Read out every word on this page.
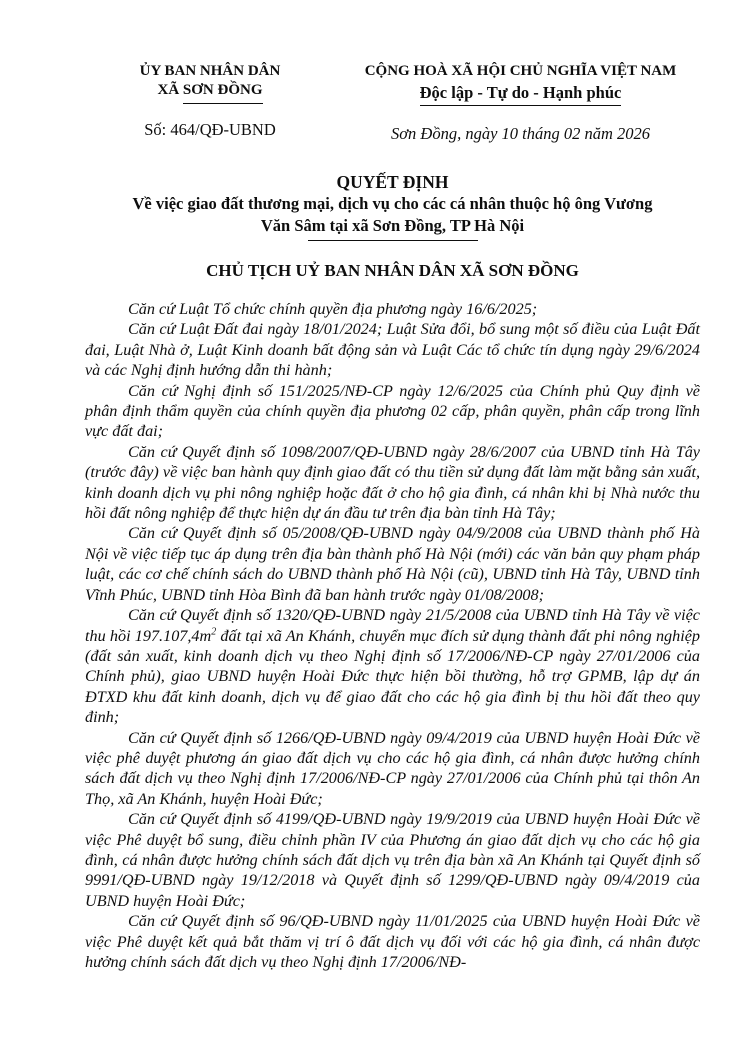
ỦY BAN NHÂN DÂN
XÃ SƠN ĐỒNG
Số: 464/QĐ-UBND
CỘNG HOÀ XÃ HỘI CHỦ NGHĨA VIỆT NAM
Độc lập - Tự do - Hạnh phúc
Sơn Đồng, ngày 10 tháng 02 năm 2026
QUYẾT ĐỊNH
Về việc giao đất thương mại, dịch vụ cho các cá nhân thuộc hộ ông Vương
Văn Sâm tại xã Sơn Đồng, TP Hà Nội
CHỦ TỊCH UỶ BAN NHÂN DÂN XÃ SƠN ĐỒNG

Căn cứ Luật Tổ chức chính quyền địa phương ngày 16/6/2025;

Căn cứ Luật Đất đai ngày 18/01/2024; Luật Sửa đổi, bổ sung một số điều của Luật Đất đai, Luật Nhà ở, Luật Kinh doanh bất động sản và Luật Các tổ chức tín dụng ngày 29/6/2024 và các Nghị định hướng dẫn thi hành;

Căn cứ Nghị định số 151/2025/NĐ-CP ngày 12/6/2025 của Chính phủ Quy định về phân định thẩm quyền của chính quyền địa phương 02 cấp, phân quyền, phân cấp trong lĩnh vực đất đai;

Căn cứ Quyết định số 1098/2007/QĐ-UBND ngày 28/6/2007 của UBND tỉnh Hà Tây (trước đây) về việc ban hành quy định giao đất có thu tiền sử dụng đất làm mặt bằng sản xuất, kinh doanh dịch vụ phi nông nghiệp hoặc đất ở cho hộ gia đình, cá nhân khi bị Nhà nước thu hồi đất nông nghiệp để thực hiện dự án đầu tư trên địa bàn tỉnh Hà Tây;

Căn cứ Quyết định số 05/2008/QĐ-UBND ngày 04/9/2008 của UBND thành phố Hà Nội về việc tiếp tục áp dụng trên địa bàn thành phố Hà Nội (mới) các văn bản quy phạm pháp luật, các cơ chế chính sách do UBND thành phố Hà Nội (cũ), UBND tỉnh Hà Tây, UBND tỉnh Vĩnh Phúc, UBND tỉnh Hòa Bình đã ban hành trước ngày 01/08/2008;

Căn cứ Quyết định số 1320/QĐ-UBND ngày 21/5/2008 của UBND tỉnh Hà Tây về việc thu hồi $197.107,4m^2$ đất tại xã An Khánh, chuyển mục đích sử dụng thành đất phi nông nghiệp (đất sản xuất, kinh doanh dịch vụ theo Nghị định số 17/2006/NĐ-CP ngày 27/01/2006 của Chính phủ), giao UBND huyện Hoài Đức thực hiện bồi thường, hỗ trợ GPMB, lập dự án ĐTXD khu đất kinh doanh, dịch vụ để giao đất cho các hộ gia đình bị thu hồi đất theo quy đinh;

Căn cứ Quyết định số 1266/QĐ-UBND ngày 09/4/2019 của UBND huyện Hoài Đức về việc phê duyệt phương án giao đất dịch vụ cho các hộ gia đình, cá nhân được hưởng chính sách đất dịch vụ theo Nghị định 17/2006/NĐ-CP ngày 27/01/2006 của Chính phủ tại thôn An Thọ, xã An Khánh, huyện Hoài Đức;

Căn cứ Quyết định số 4199/QĐ-UBND ngày 19/9/2019 của UBND huyện Hoài Đức về việc Phê duyệt bổ sung, điều chỉnh phần IV của Phương án giao đất dịch vụ cho các hộ gia đình, cá nhân được hưởng chính sách đất dịch vụ trên địa bàn xã An Khánh tại Quyết định số 9991/QĐ-UBND ngày 19/12/2018 và Quyết định số 1299/QĐ-UBND ngày 09/4/2019 của UBND huyện Hoài Đức;

Căn cứ Quyết định số 96/QĐ-UBND ngày 11/01/2025 của UBND huyện Hoài Đức về việc Phê duyệt kết quả bắt thăm vị trí ô đất dịch vụ đối với các hộ gia đình, cá nhân được hưởng chính sách đất dịch vụ theo Nghị định 17/2006/NĐ-
